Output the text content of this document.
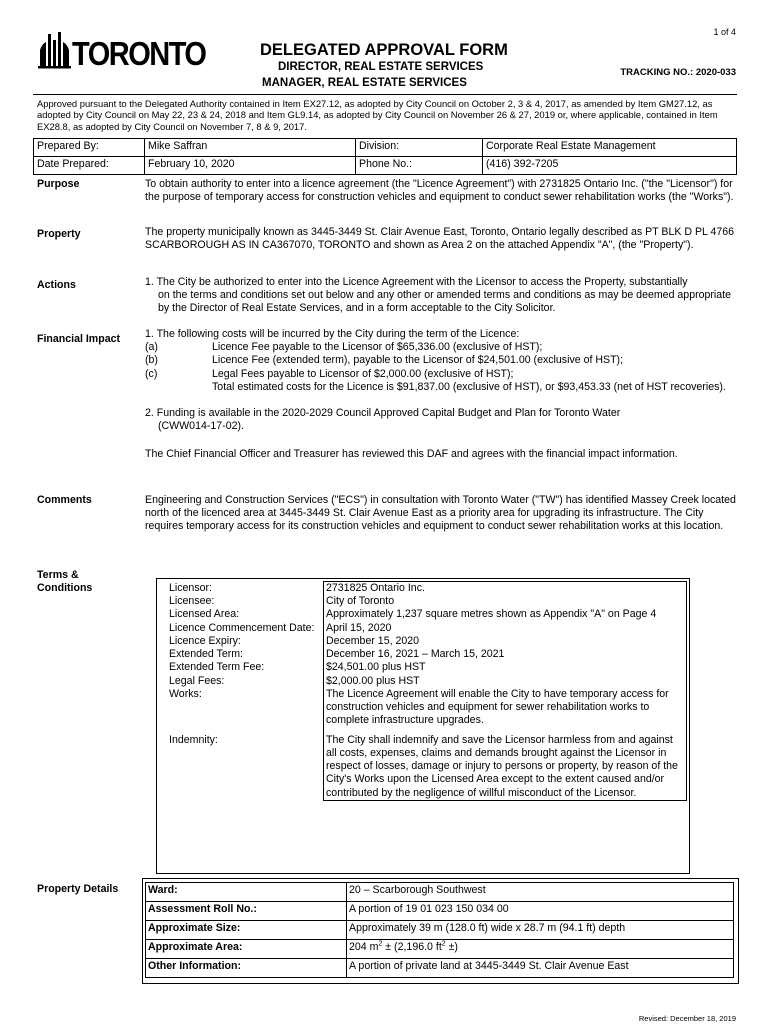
1 of 4
TORONTO	DELEGATED APPROVAL FORM
DIRECTOR, REAL ESTATE SERVICES
MANAGER, REAL ESTATE SERVICES
TRACKING NO.: 2020-033
Approved pursuant to the Delegated Authority contained in Item EX27.12, as adopted by City Council on October 2, 3 & 4, 2017, as amended by Item GM27.12, as adopted by City Council on May 22, 23 & 24, 2018 and Item GL9.14, as adopted by City Council on November 26 & 27, 2019 or, where applicable, contained in Item EX28.8, as adopted by City Council on November 7, 8 & 9, 2017.
Prepared By:	Mike Saffran	Division:	Corporate Real Estate Management
Date Prepared:	February 10, 2020	Phone No.:	(416) 392-7205
Purpose	To obtain authority to enter into a licence agreement (the "Licence Agreement") with 2731825 Ontario Inc. ("the "Licensor") for the purpose of temporary access for construction vehicles and equipment to conduct sewer rehabilitation works (the "Works").
Property	The property municipally known as 3445-3449 St. Clair Avenue East, Toronto, Ontario legally described as PT BLK D PL 4766 SCARBOROUGH AS IN CA367070, TORONTO and shown as Area 2 on the attached Appendix "A", (the "Property").
Actions	1. The City be authorized to enter into the Licence Agreement with the Licensor to access the Property, substantially
on the terms and conditions set out below and any other or amended terms and conditions as may be deemed appropriate by the Director of Real Estate Services, and in a form acceptable to the City Solicitor.
Financial Impact 1. The following costs will be incurred by the City during the term of the Licence:
(a)	Licence Fee payable to the Licensor of $65,336.00 (exclusive of HST);
(b)	Licence Fee (extended term), payable to the Licensor of $24,501.00 (exclusive of HST);
(c)	Legal Fees payable to Licensor of $2,000.00 (exclusive of HST);
Total estimated costs for the Licence is $91,837.00 (exclusive of HST), or $93,453.33 (net of HST recoveries).
2. Funding is available in the 2020-2029 Council Approved Capital Budget and Plan for Toronto Water
(CWW014-17-02).
The Chief Financial Officer and Treasurer has reviewed this DAF and agrees with the financial impact information.
Comments	Engineering and Construction Services ("ECS") in consultation with Toronto Water ("TW") has identified Massey Creek located north of the licenced area at 3445-3449 St. Clair Avenue East as a priority area for upgrading its infrastructure. The City requires temporary access for its construction vehicles and equipment to conduct sewer rehabilitation works at this location.
Terms &
Conditions	Licensor:	2731825 Ontario Inc.
Licensee:	City of Toronto
Licensed Area:	Approximately 1,237 square metres shown as Appendix "A" on Page 4
Licence Commencement Date:	April 15, 2020
Licence Expiry:	December 15, 2020
Extended Term:	December 16, 2021 – March 15, 2021
Extended Term Fee:	$24,501.00 plus HST
Legal Fees:	$2,000.00 plus HST
Works:	The Licence Agreement will enable the City to have temporary access for construction vehicles and equipment for sewer rehabilitation works to complete infrastructure upgrades.
Indemnity:	The City shall indemnify and save the Licensor harmless from and against all costs, expenses, claims and demands brought against the Licensor in respect of losses, damage or injury to persons or property, by reason of the City's Works upon the Licensed Area except to the extent caused and/or contributed by the negligence of willful misconduct of the Licensor.
Property Details	Ward:	20 – Scarborough Southwest
Assessment Roll No.:	A portion of 19 01 023 150 034 00
Approximate Size:	Approximately 39 m (128.0 ft) wide x 28.7 m (94.1 ft) depth
Approximate Area:	204 $m^2 \pm (2,196.0$ $ft^2$ ±)
Other Information:	A portion of private land at 3445-3449 St. Clair Avenue East
Revised: December 18, 2019
